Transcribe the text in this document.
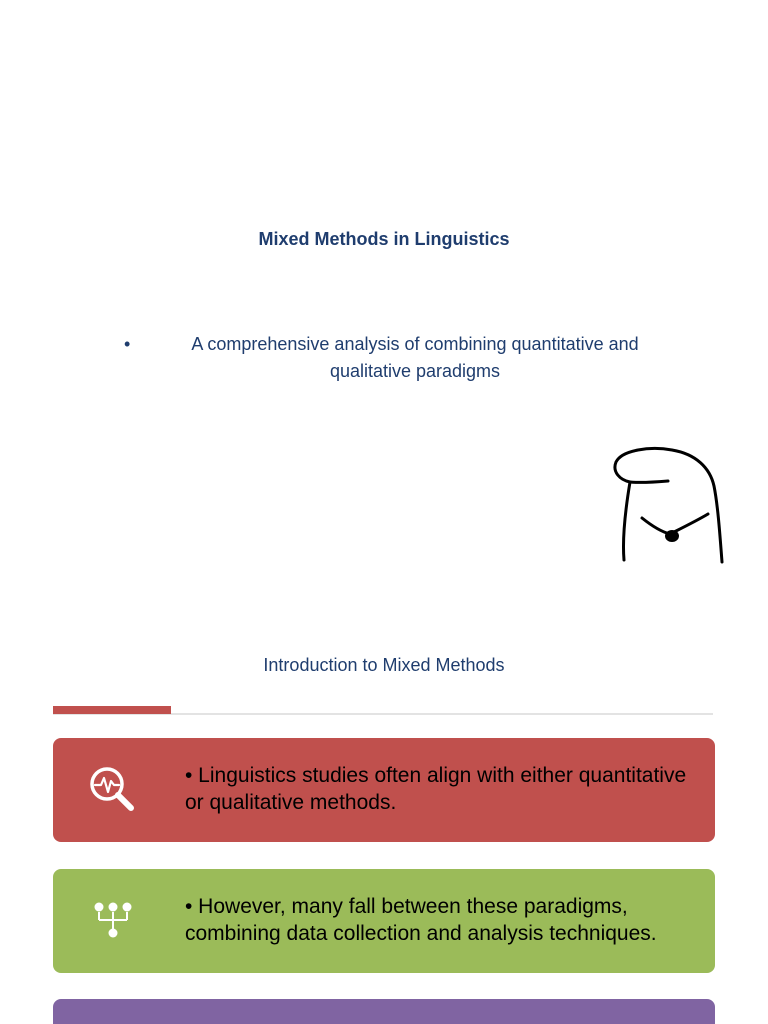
Mixed Methods in Linguistics
•	A comprehensive analysis of combining quantitative and qualitative paradigms
Introduction to Mixed Methods
• Linguistics studies often align with either quantitative or qualitative methods.
• However, many fall between these paradigms, combining data collection and analysis techniques.
